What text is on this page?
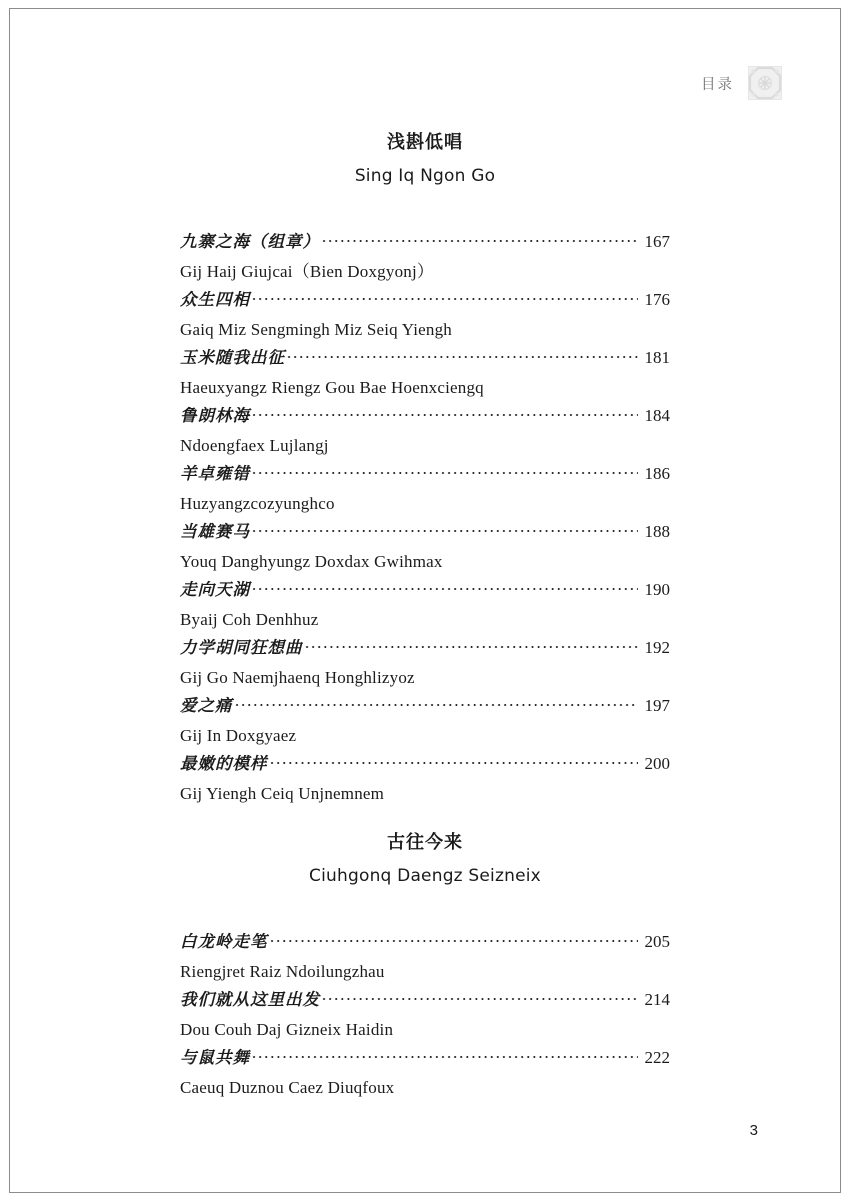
目录
浅斟低唱
Sing Iq Ngon Go
九寨之海（组章）	167
Gij Haij Giujcai（Bien Doxgyonj）
众生四相	176
Gaiq Miz Sengmingh Miz Seiq Yiengh
玉米随我出征	181
Haeuxyangz Riengz Gou Bae Hoenxciengq
鲁朗林海	184
Ndoengfaex Lujlangj
羊卓雍错	186
Huzyangzcozyunghco
当雄赛马	188
Youq Danghyungz Doxdax Gwihmax
走向天湖	190
Byaij Coh Denhhuz
力学胡同狂想曲	192
Gij Go Naemjhaenq Honghlizyoz
爱之痛	197
Gij In Doxgyaez
最嫩的模样	200
Gij Yiengh Ceiq Unjnemnem
古往今来
Ciuhgonq Daengz Seizneix
白龙岭走笔	205
Riengjret Raiz Ndoilungzhau
我们就从这里出发	214
Dou Couh Daj Gizneix Haidin
与鼠共舞	222
Caeuq Duznou Caez Diuqfoux
3
